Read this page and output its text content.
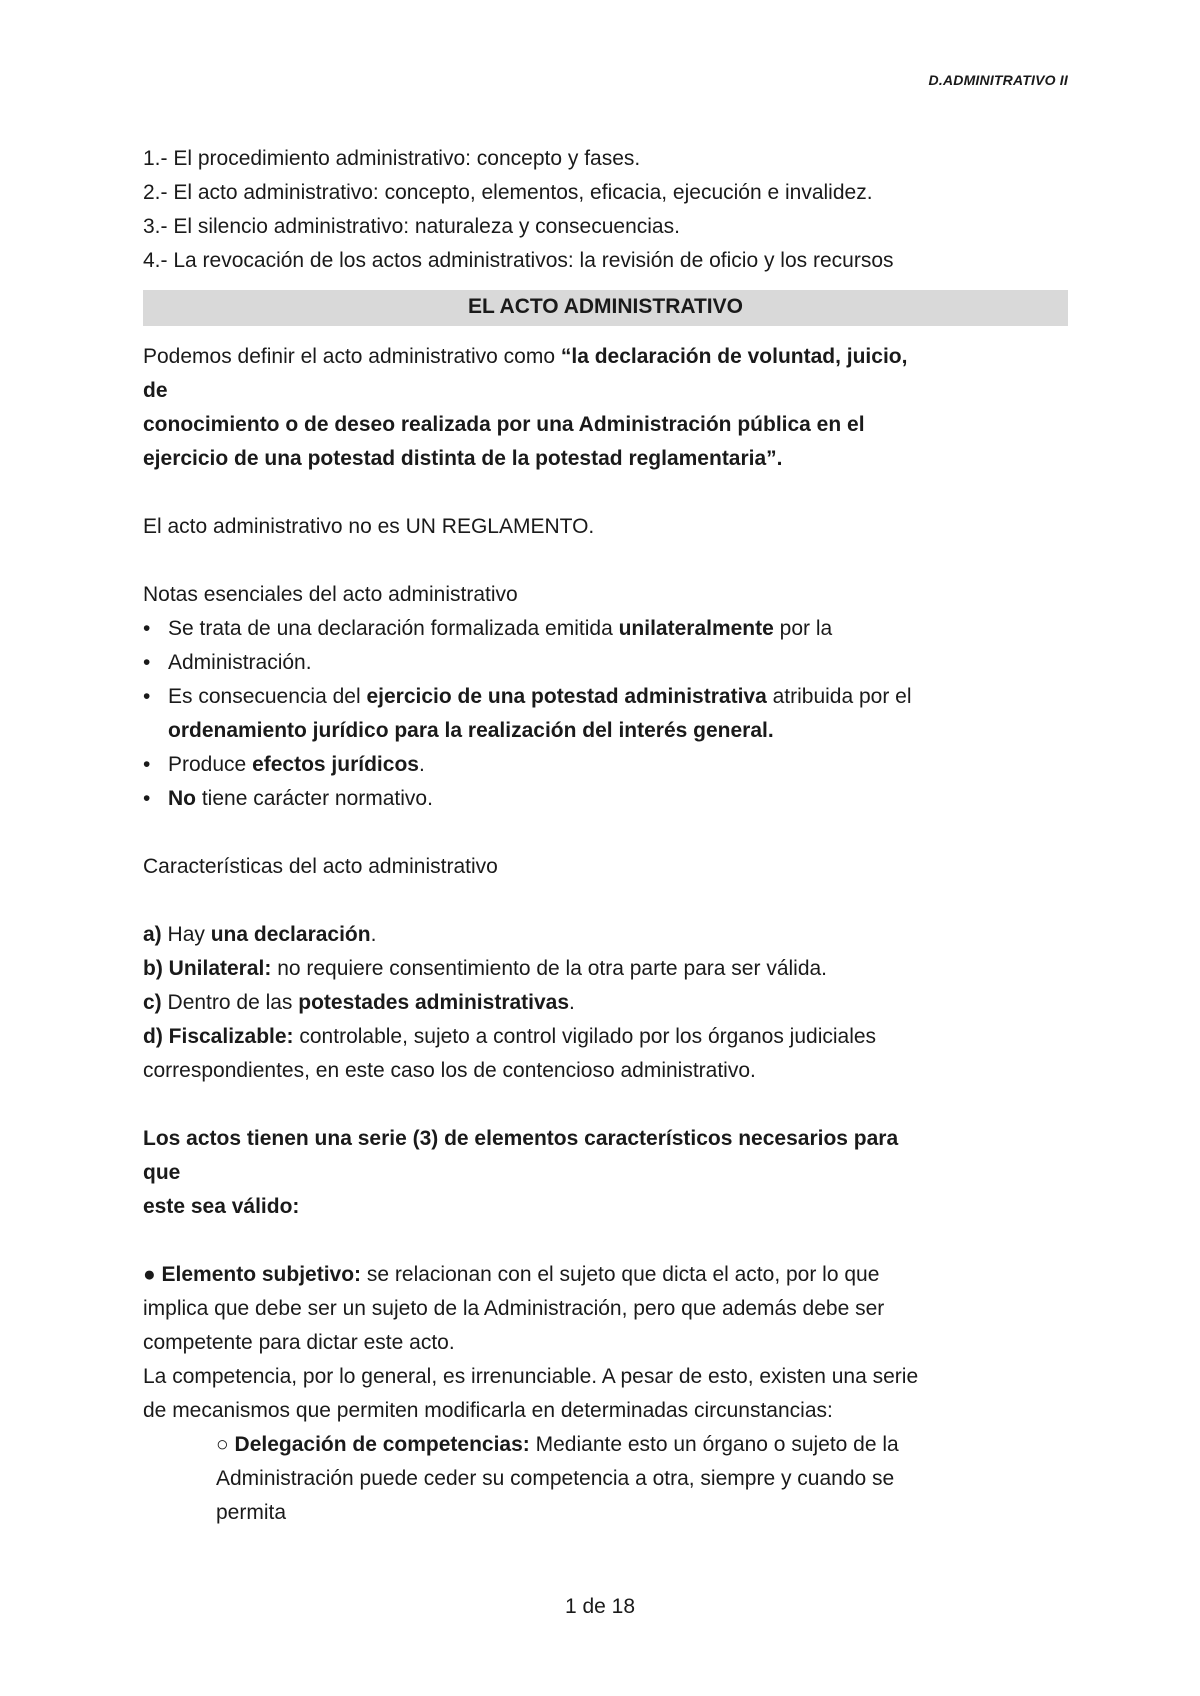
D.ADMINITRATIVO II

1.- El procedimiento administrativo: concepto y fases.

2.- El acto administrativo: concepto, elementos, eficacia, ejecución e invalidez.

3.- El silencio administrativo: naturaleza y consecuencias.

4.- La revocación de los actos administrativos: la revisión de oficio y los recursos

EL ACTO ADMINISTRATIVO

Podemos definir el acto administrativo como “la declaración de voluntad, juicio,

de

conocimiento o de deseo realizada por una Administración pública en el

ejercicio de una potestad distinta de la potestad reglamentaria”.

El acto administrativo no es UN REGLAMENTO.

Notas esenciales del acto administrativo

• Se trata de una declaración formalizada emitida unilateralmente por la
• Administración.
• Es consecuencia del ejercicio de una potestad administrativa atribuida por el
ordenamiento jurídico para la realización del interés general.
• Produce efectos jurídicos.
• No tiene carácter normativo.

Características del acto administrativo

a) Hay una declaración.

b) Unilateral: no requiere consentimiento de la otra parte para ser válida.

c) Dentro de las potestades administrativas.

d) Fiscalizable: controlable, sujeto a control vigilado por los órganos judiciales

correspondientes, en este caso los de contencioso administrativo.

Los actos tienen una serie (3) de elementos característicos necesarios para

que

este sea válido:

● Elemento subjetivo: se relacionan con el sujeto que dicta el acto, por lo que

implica que debe ser un sujeto de la Administración, pero que además debe ser

competente para dictar este acto.

La competencia, por lo general, es irrenunciable. A pesar de esto, existen una serie

de mecanismos que permiten modificarla en determinadas circunstancias:

○ Delegación de competencias: Mediante esto un órgano o sujeto de la

Administración puede ceder su competencia a otra, siempre y cuando se

permita

1 de 18
